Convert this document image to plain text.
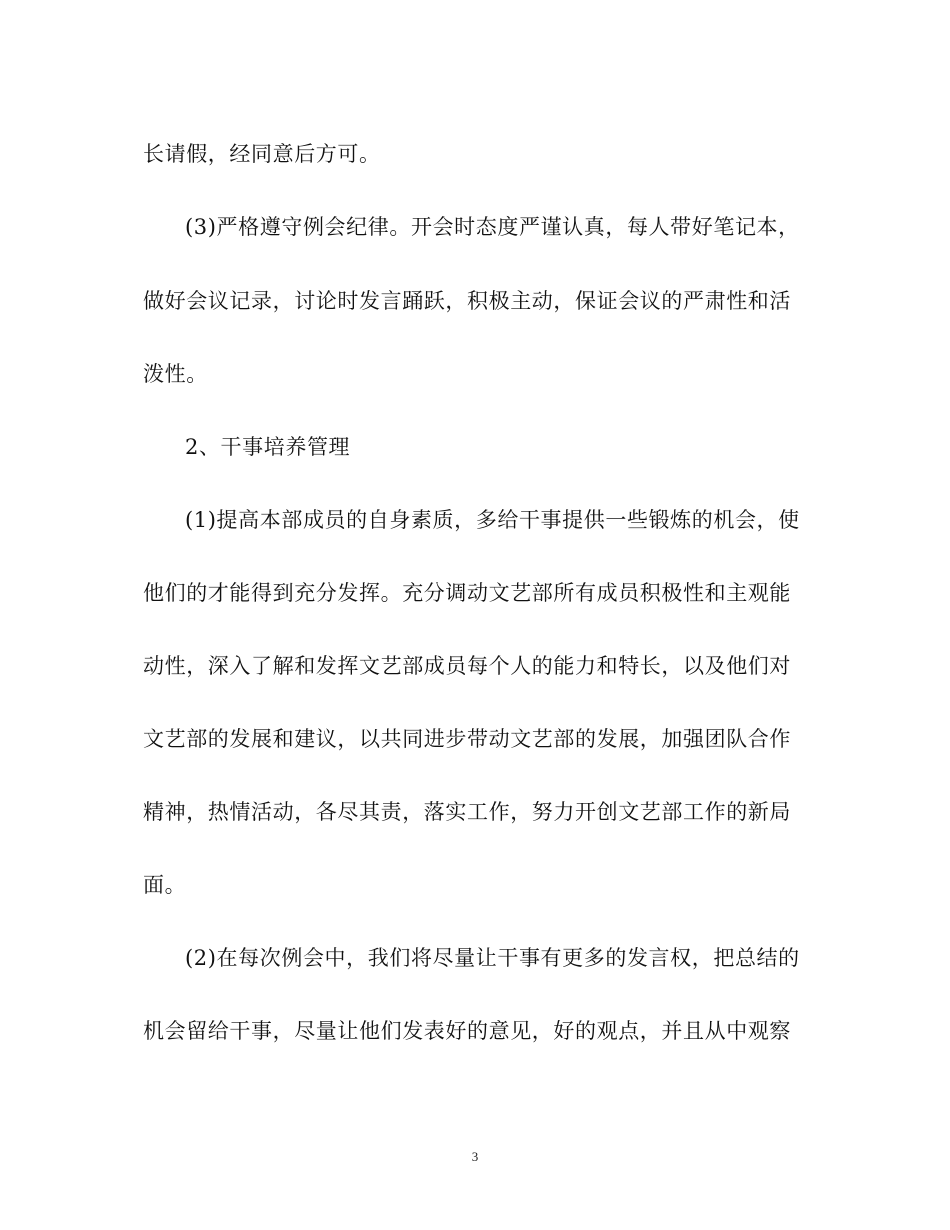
长请假，经同意后方可。
(3)严格遵守例会纪律。开会时态度严谨认真，每人带好笔记本，
做好会议记录，讨论时发言踊跃，积极主动，保证会议的严肃性和活
泼性。
2、干事培养管理
(1)提高本部成员的自身素质，多给干事提供一些锻炼的机会，使
他们的才能得到充分发挥。充分调动文艺部所有成员积极性和主观能
动性，深入了解和发挥文艺部成员每个人的能力和特长，以及他们对
文艺部的发展和建议，以共同进步带动文艺部的发展，加强团队合作
精神，热情活动，各尽其责，落实工作，努力开创文艺部工作的新局
面。
(2)在每次例会中，我们将尽量让干事有更多的发言权，把总结的
机会留给干事，尽量让他们发表好的意见，好的观点，并且从中观察
3
